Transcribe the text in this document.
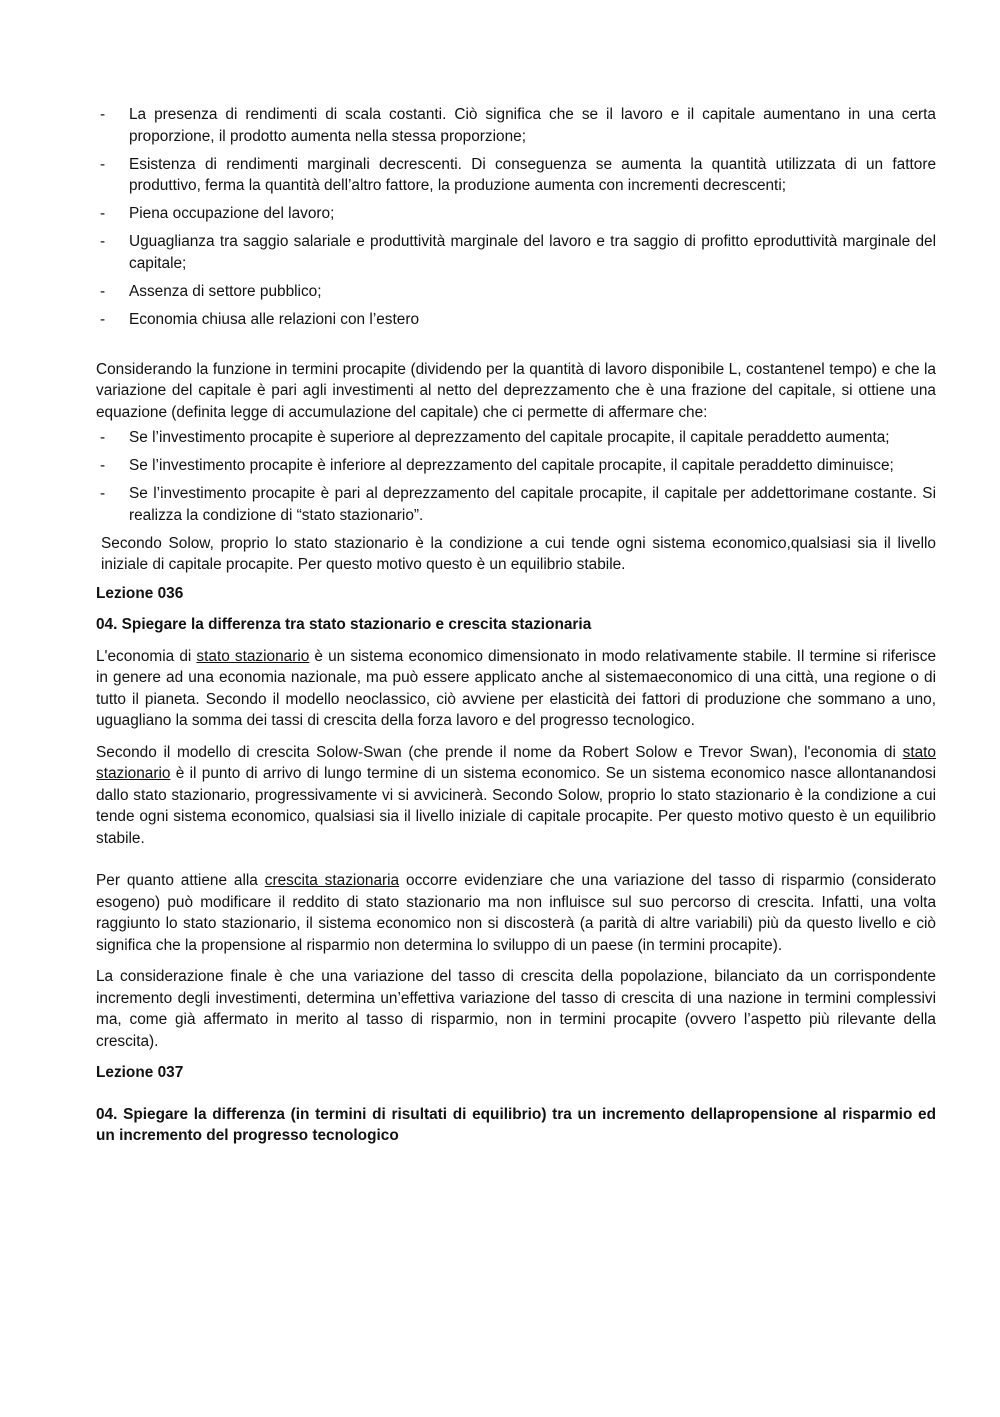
- La presenza di rendimenti di scala costanti. Ciò significa che se il lavoro e il capitale aumentano in una certa proporzione, il prodotto aumenta nella stessa proporzione;
- Esistenza di rendimenti marginali decrescenti. Di conseguenza se aumenta la quantità utilizzata di un fattore produttivo, ferma la quantità dell’altro fattore, la produzione aumenta con incrementi decrescenti;
- Piena occupazione del lavoro;
- Uguaglianza tra saggio salariale e produttività marginale del lavoro e tra saggio di profitto eproduttività marginale del capitale;
- Assenza di settore pubblico;
- Economia chiusa alle relazioni con l’estero

Considerando la funzione in termini procapite (dividendo per la quantità di lavoro disponibile L, costantenel tempo) e che la variazione del capitale è pari agli investimenti al netto del deprezzamento che è una frazione del capitale, si ottiene una equazione (definita legge di accumulazione del capitale) che ci permette di affermare che:

- Se l’investimento procapite è superiore al deprezzamento del capitale procapite, il capitale peraddetto aumenta;
- Se l’investimento procapite è inferiore al deprezzamento del capitale procapite, il capitale peraddetto diminuisce;
- Se l’investimento procapite è pari al deprezzamento del capitale procapite, il capitale per addettorimane costante. Si realizza la condizione di “stato stazionario”.

Secondo Solow, proprio lo stato stazionario è la condizione a cui tende ogni sistema economico,qualsiasi sia il livello iniziale di capitale procapite. Per questo motivo questo è un equilibrio stabile.

Lezione 036

04. Spiegare la differenza tra stato stazionario e crescita stazionaria

L'economia di stato stazionario è un sistema economico dimensionato in modo relativamente stabile. Il termine si riferisce in genere ad una economia nazionale, ma può essere applicato anche al sistemaeconomico di una città, una regione o di tutto il pianeta. Secondo il modello neoclassico, ciò avviene per elasticità dei fattori di produzione che sommano a uno, uguagliano la somma dei tassi di crescita della forza lavoro e del progresso tecnologico.

Secondo il modello di crescita Solow-Swan (che prende il nome da Robert Solow e Trevor Swan), l'economia di stato stazionario è il punto di arrivo di lungo termine di un sistema economico. Se un sistema economico nasce allontanandosi dallo stato stazionario, progressivamente vi si avvicinerà. Secondo Solow, proprio lo stato stazionario è la condizione a cui tende ogni sistema economico, qualsiasi sia il livello iniziale di capitale procapite. Per questo motivo questo è un equilibrio stabile.

Per quanto attiene alla crescita stazionaria occorre evidenziare che una variazione del tasso di risparmio (considerato esogeno) può modificare il reddito di stato stazionario ma non influisce sul suo percorso di crescita. Infatti, una volta raggiunto lo stato stazionario, il sistema economico non si discosterà (a parità di altre variabili) più da questo livello e ciò significa che la propensione al risparmio non determina lo sviluppo di un paese (in termini procapite).

La considerazione finale è che una variazione del tasso di crescita della popolazione, bilanciato da un corrispondente incremento degli investimenti, determina un’effettiva variazione del tasso di crescita di una nazione in termini complessivi ma, come già affermato in merito al tasso di risparmio, non in termini procapite (ovvero l’aspetto più rilevante della crescita).

Lezione 037

04. Spiegare la differenza (in termini di risultati di equilibrio) tra un incremento dellapropensione al risparmio ed un incremento del progresso tecnologico
